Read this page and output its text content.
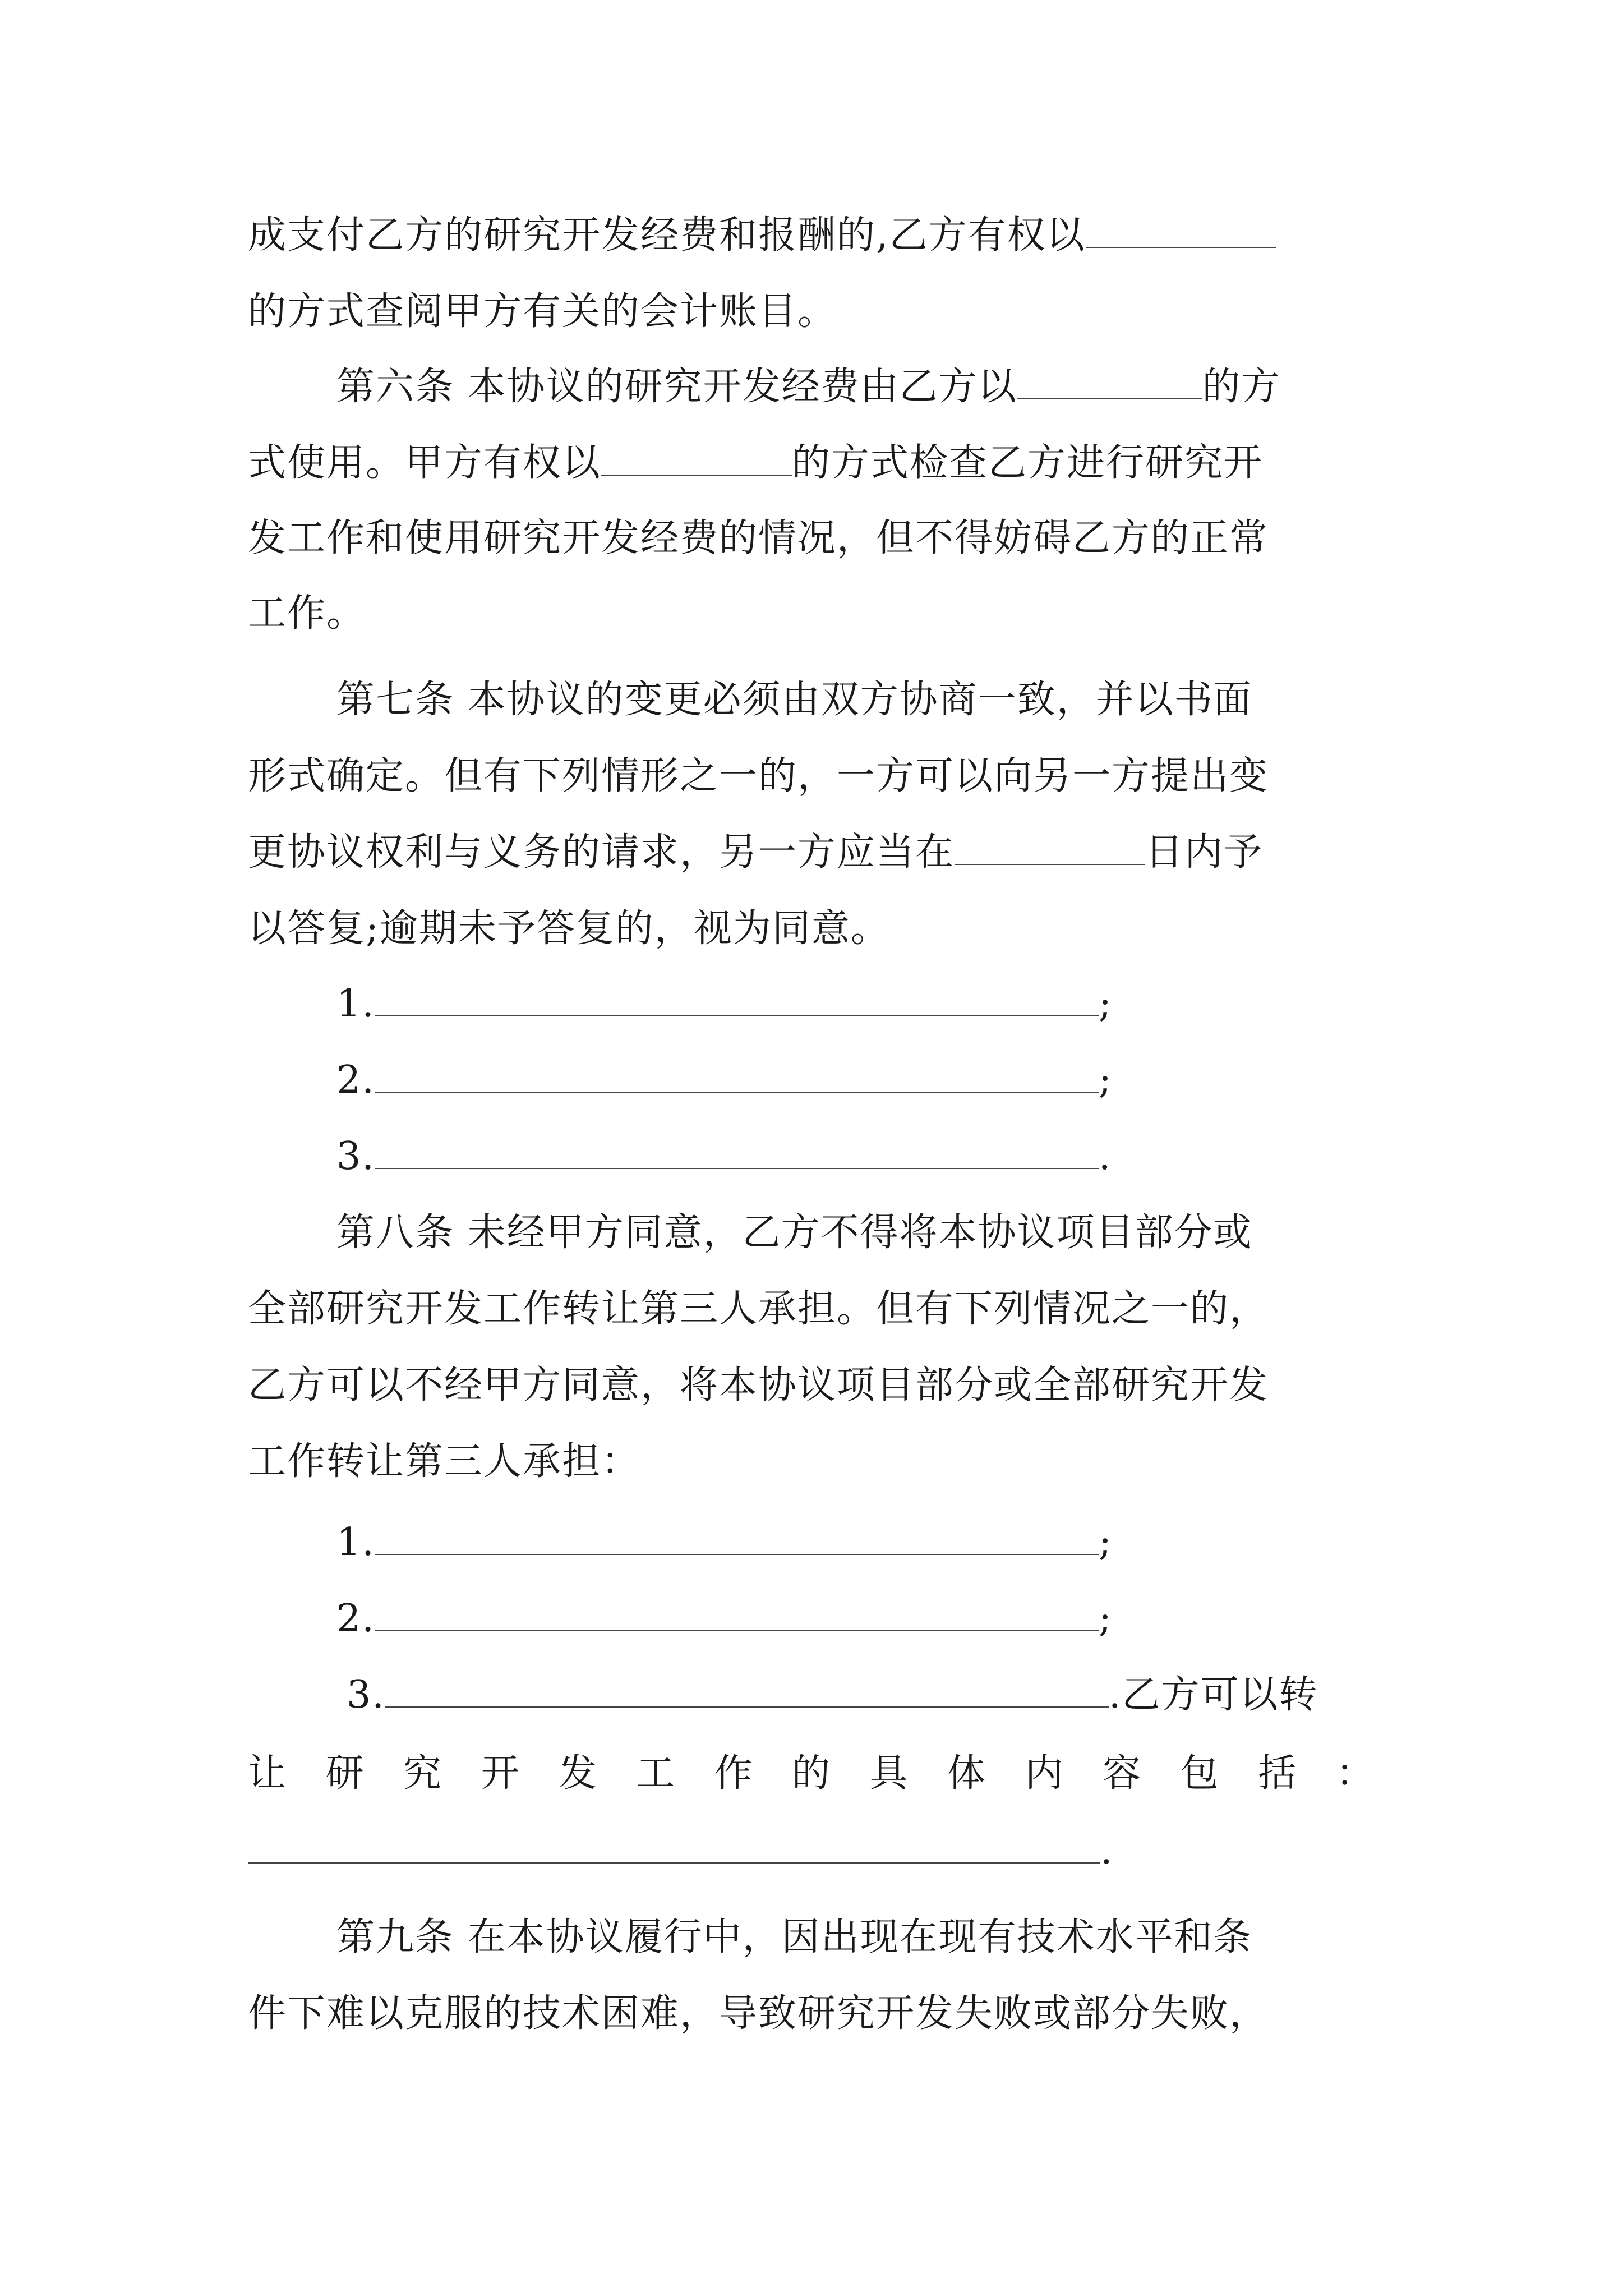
成支付乙方的研究开发经费和报酬的,乙方有权以
的方式查阅甲方有关的会计账目。
第六条 本协议的研究开发经费由乙方以	的方
式使用。甲方有权以	的方式检查乙方进行研究开
发工作和使用研究开发经费的情况，但不得妨碍乙方的正常
工作。
第七条 本协议的变更必须由双方协商一致，并以书面
形式确定。但有下列情形之一的，一方可以向另一方提出变
更协议权利与义务的请求，另一方应当在	日内予
以答复;逾期未予答复的，视为同意。
1.	;
2.	;
3.	.
第八条 未经甲方同意，乙方不得将本协议项目部分或
全部研究开发工作转让第三人承担。但有下列情况之一的，
乙方可以不经甲方同意，将本协议项目部分或全部研究开发
工作转让第三人承担：
1.	;
2.	;
3.	.乙方可以转
让 研 究 开 发 工 作 的 具 体 内 容 包 括 ：
.
第九条 在本协议履行中，因出现在现有技术水平和条
件下难以克服的技术困难，导致研究开发失败或部分失败，
